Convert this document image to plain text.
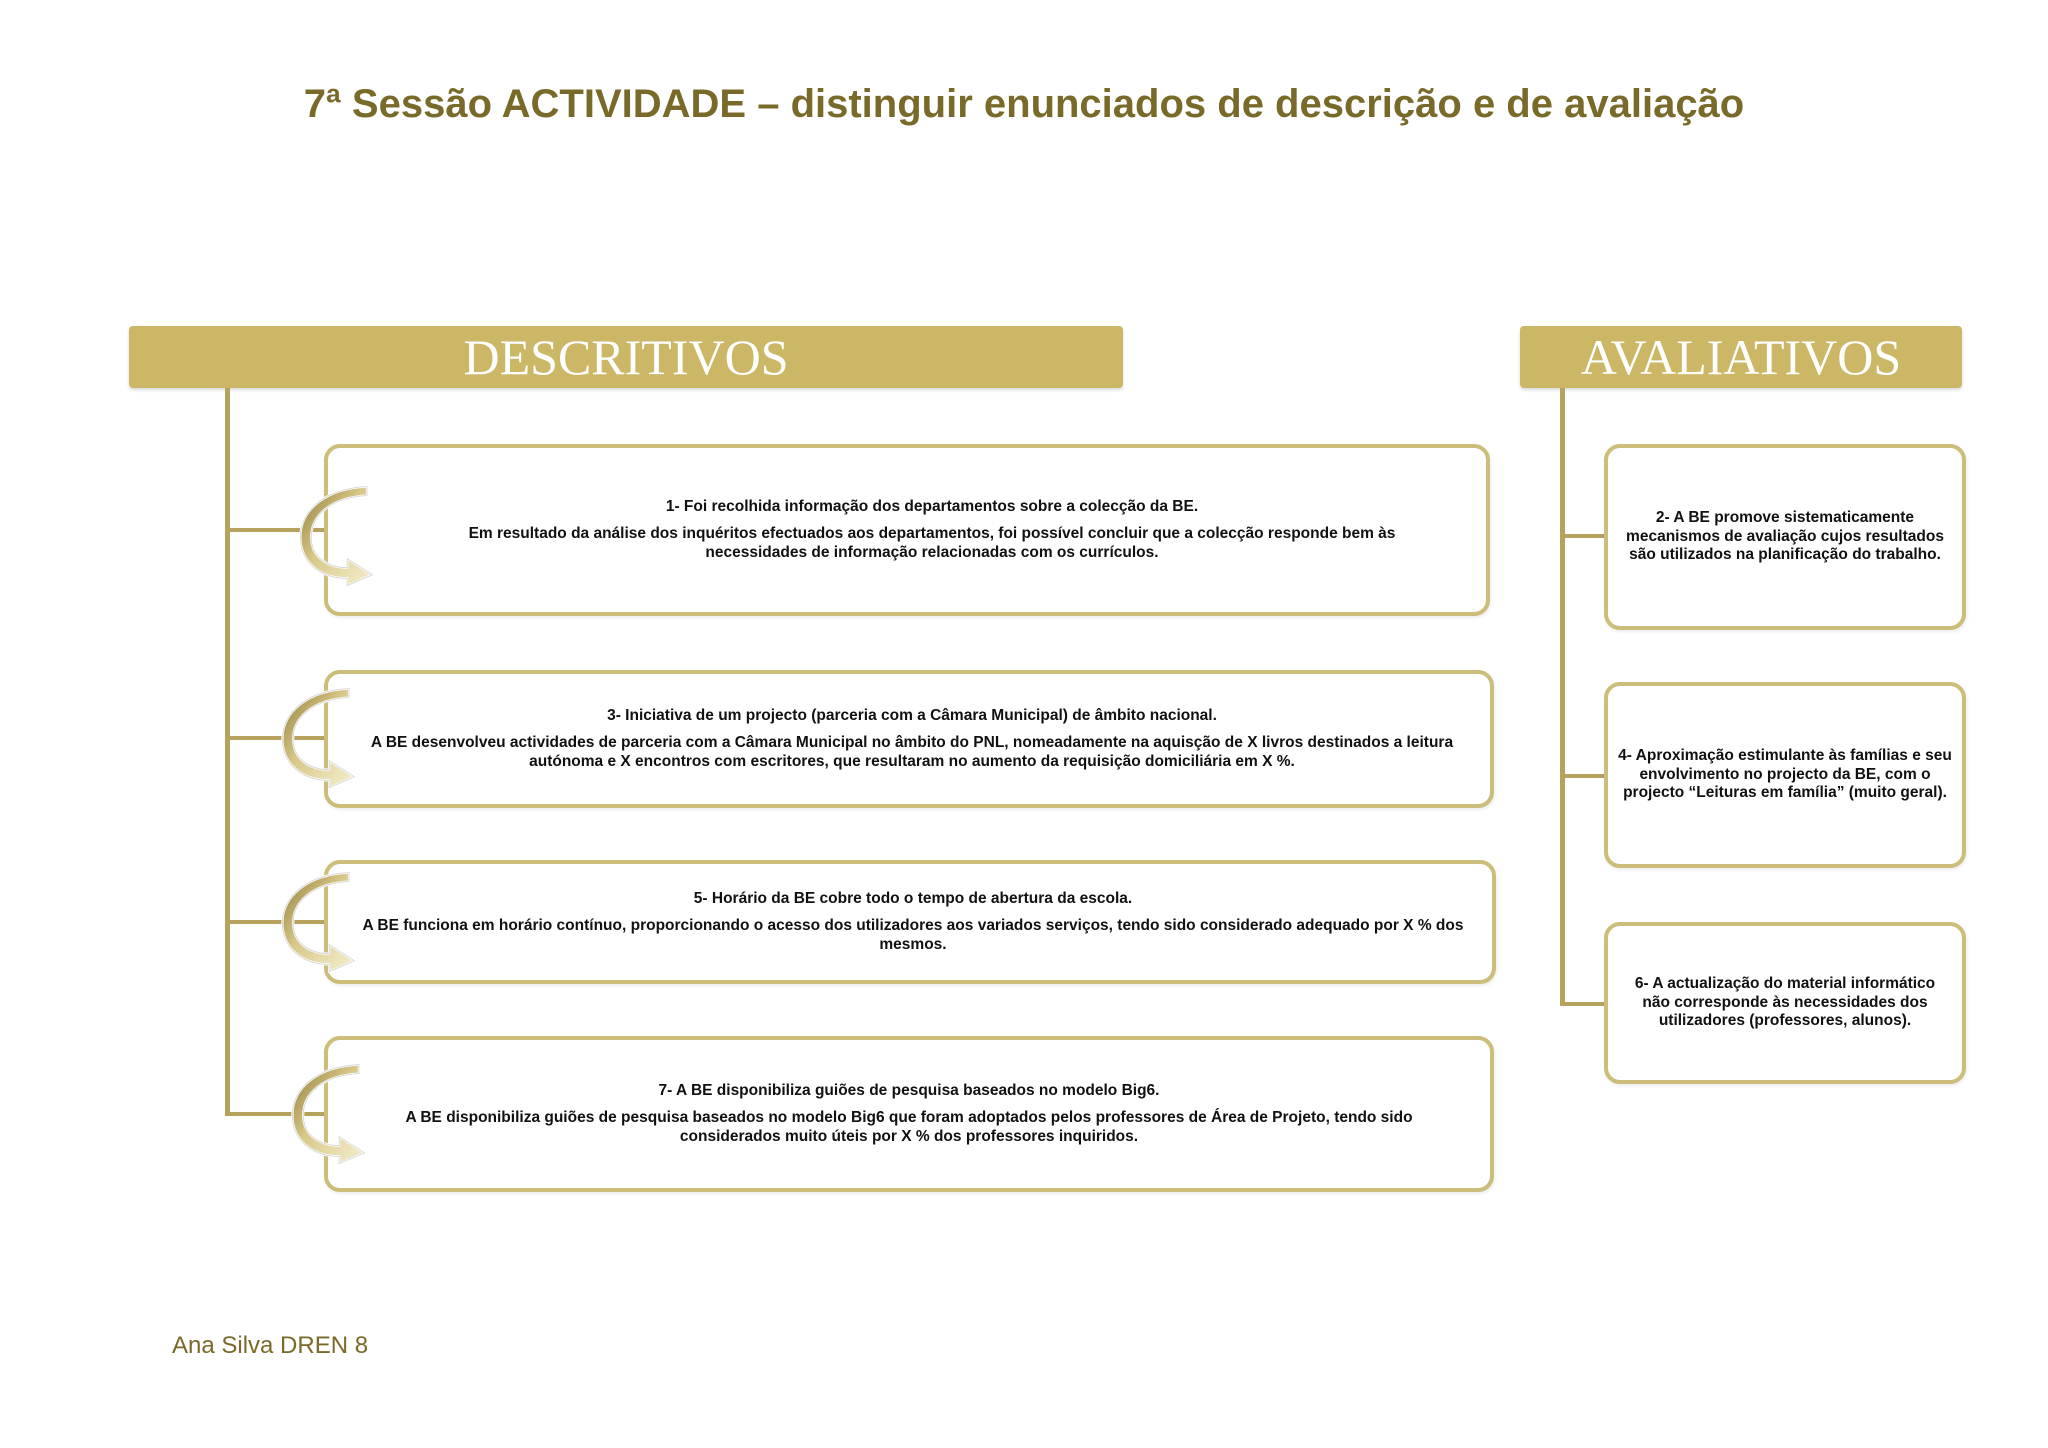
7ª Sessão ACTIVIDADE – distinguir enunciados de descrição e de avaliação
DESCRITIVOS
1- Foi recolhida informação dos departamentos sobre a colecção da BE.
Em resultado da análise dos inquéritos efectuados aos departamentos, foi possível concluir que a colecção responde bem às necessidades de informação relacionadas com os currículos.
3- Iniciativa de um projecto (parceria com a Câmara Municipal) de âmbito nacional.
A BE desenvolveu actividades de parceria com a Câmara Municipal no âmbito do PNL, nomeadamente na aquisção de X livros destinados a leitura autónoma e X encontros com escritores, que resultaram no aumento da requisição domiciliária em X %.
5- Horário da BE cobre todo o tempo de abertura da escola.
A BE funciona em horário contínuo, proporcionando o acesso dos utilizadores aos variados serviços, tendo sido considerado adequado por X % dos mesmos.
7- A BE disponibiliza guiões de pesquisa baseados no modelo Big6.
A BE disponibiliza guiões de pesquisa baseados no modelo Big6 que foram adoptados pelos professores de Área de Projeto, tendo sido considerados muito úteis por X % dos professores inquiridos.
AVALIATIVOS
2- A BE promove sistematicamente mecanismos de avaliação cujos resultados são utilizados na planificação do trabalho.
4- Aproximação estimulante às famílias e seu envolvimento no projecto da BE, com o projecto “Leituras em família” (muito geral).
6- A actualização do material informático não corresponde às necessidades dos utilizadores (professores, alunos).
Ana Silva DREN 8
